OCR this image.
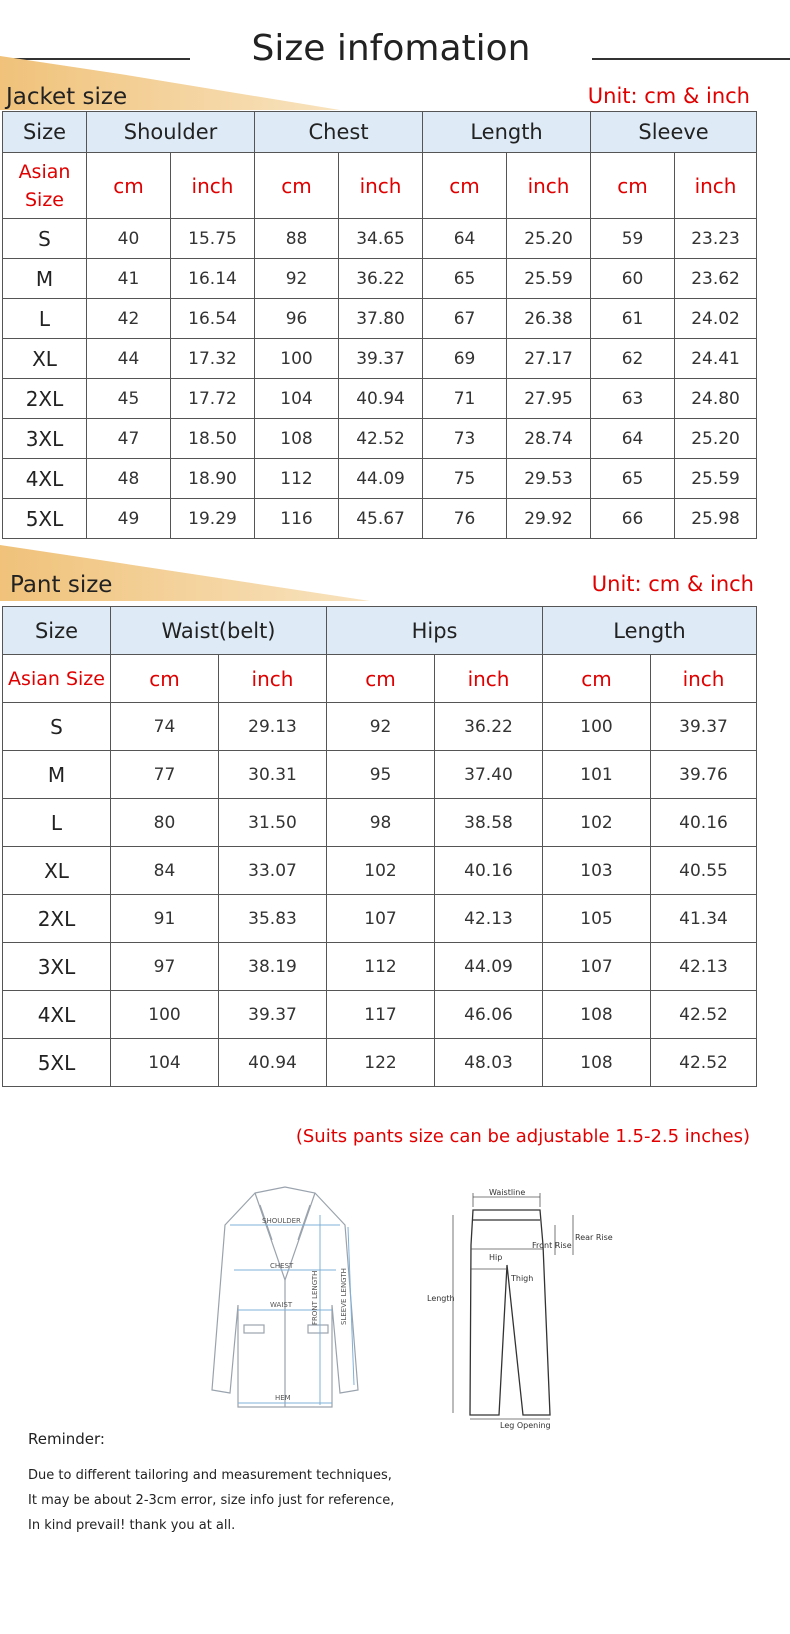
Size infomation
Jacket size	Unit: cm & inch
Size	Shoulder		Chest		Length		Sleeve	
Asian Size	cm	inch	cm	inch	cm	inch	cm	inch
S	40	15.75	88	34.65	64	25.20	59	23.23
M	41	16.14	92	36.22	65	25.59	60	23.62
L	42	16.54	96	37.80	67	26.38	61	24.02
XL	44	17.32	100	39.37	69	27.17	62	24.41
2XL	45	17.72	104	40.94	71	27.95	63	24.80
3XL	47	18.50	108	42.52	73	28.74	64	25.20
4XL	48	18.90	112	44.09	75	29.53	65	25.59
5XL	49	19.29	116	45.67	76	29.92	66	25.98
Pant size	Unit: cm & inch
Size	Waist(belt)		Hips		Length	
Asian Size	cm	inch	cm	inch	cm	inch
S	74	29.13	92	36.22	100	39.37
M	77	30.31	95	37.40	101	39.76
L	80	31.50	98	38.58	102	40.16
XL	84	33.07	102	40.16	103	40.55
2XL	91	35.83	107	42.13	105	41.34
3XL	97	38.19	112	44.09	107	42.13
4XL	100	39.37	117	46.06	108	42.52
5XL	104	40.94	122	48.03	108	42.52
(Suits pants size can be adjustable 1.5-2.5 inches)
SHOULDER
CHEST
WAIST
HEM
FRONT LENGTH	SLEEVE LENGTH
Waistline
Rear Rise
Front Rise
Hip
Thigh
Length
Leg Opening
Reminder:
Due to different tailoring and measurement techniques,
It may be about 2-3cm error, size info just for reference,
In kind prevail! thank you at all.
